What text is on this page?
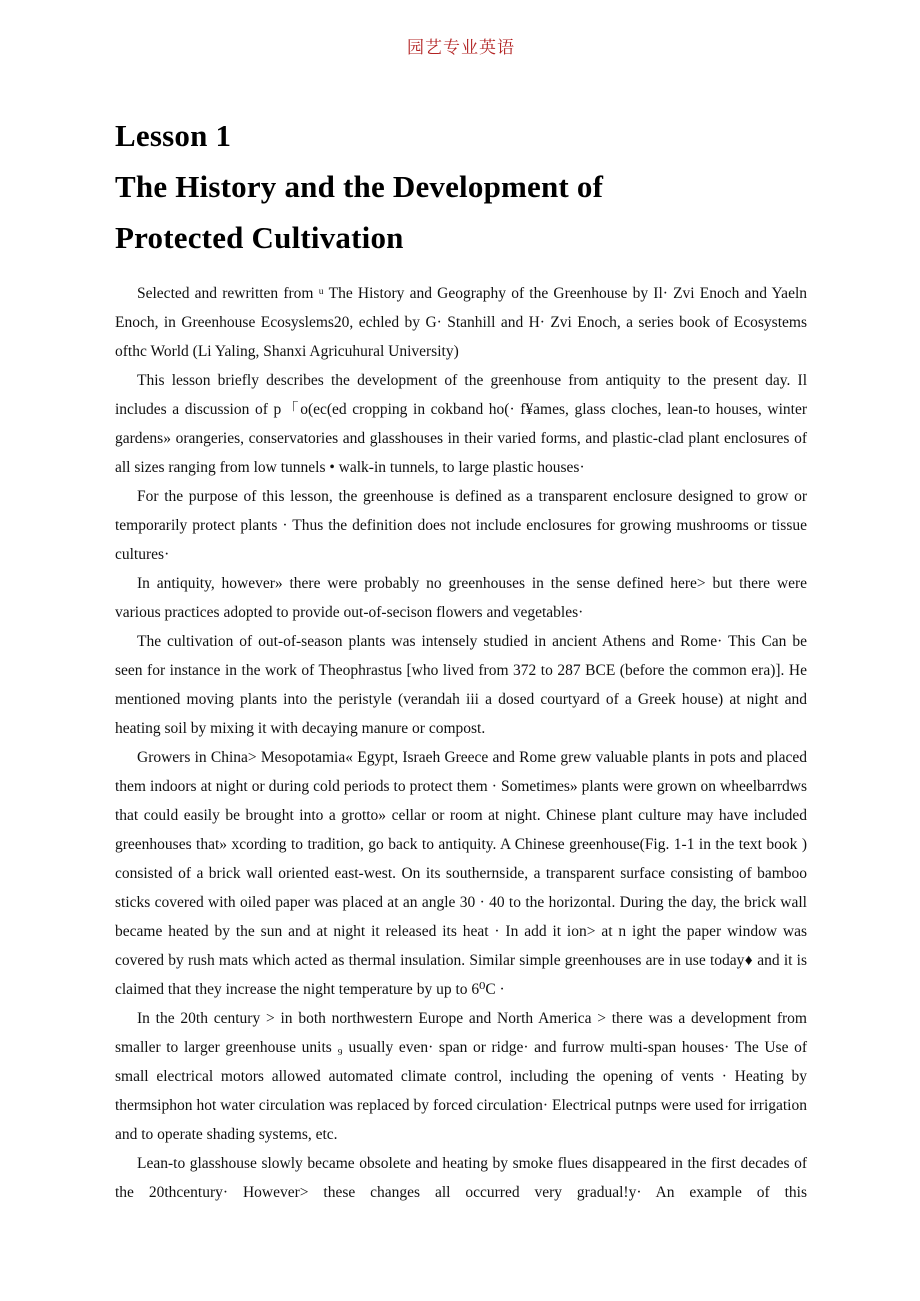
园艺专业英语
Lesson 1
The History and the Development of
Protected Cultivation

Selected and rewritten from ᵘ The History and Geography of the Greenhouse by Il· Zvi Enoch and Yaeln Enoch, in Greenhouse Ecosyslems20, echled by G· Stanhill and H· Zvi Enoch, a series book of Ecosystems ofthc World (Li Yaling, Shanxi Agricuhural University)

This lesson briefly describes the development of the greenhouse from antiquity to the present day. Il includes a discussion of p「o(ec(ed cropping in cokband ho(· f¥ames, glass cloches, lean-to houses, winter gardens» orangeries, conservatories and glasshouses in their varied forms, and plastic-clad plant enclosures of all sizes ranging from low tunnels • walk-in tunnels, to large plastic houses·

For the purpose of this lesson, the greenhouse is defined as a transparent enclosure designed to grow or temporarily protect plants · Thus the definition does not include enclosures for growing mushrooms or tissue cultures·

In antiquity, however» there were probably no greenhouses in the sense defined here> but there were various practices adopted to provide out-of-secison flowers and vegetables·

The cultivation of out-of-season plants was intensely studied in ancient Athens and Rome· This Can be seen for instance in the work of Theophrastus [who lived from 372 to 287 BCE (before the common era)]. He mentioned moving plants into the peristyle (verandah iii a dosed courtyard of a Greek house) at night and heating soil by mixing it with decaying manure or compost.

Growers in China> Mesopotamia« Egypt, Israeh Greece and Rome grew valuable plants in pots and placed them indoors at night or during cold periods to protect them · Sometimes» plants were grown on wheelbarrdws that could easily be brought into a grotto» cellar or room at night. Chinese plant culture may have included greenhouses that» xcording to tradition, go back to antiquity. A Chinese greenhouse(Fig. 1-1 in the text book ) consisted of a brick wall oriented east-west. On its southernside, a transparent surface consisting of bamboo sticks covered with oiled paper was placed at an angle 30 · 40 to the horizontal. During the day, the brick wall became heated by the sun and at night it released its heat · In add it ion> at n ight the paper window was covered by rush mats which acted as thermal insulation. Similar simple greenhouses are in use today♦ and it is claimed that they increase the night temperature by up to 6⁰C ·

In the 20th century > in both northwestern Europe and North America > there was a development from smaller to larger greenhouse units ₉ usually even· span or ridge· and furrow multi-span houses· The Use of small electrical motors allowed automated climate control, including the opening of vents · Heating by thermsiphon hot water circulation was replaced by forced circulation· Electrical putnps were used for irrigation and to operate shading systems, etc.

Lean-to glasshouse slowly became obsolete and heating by smoke flues disappeared in the first decades of the 20thcentury· However> these changes all occurred very gradual!y· An example of this
